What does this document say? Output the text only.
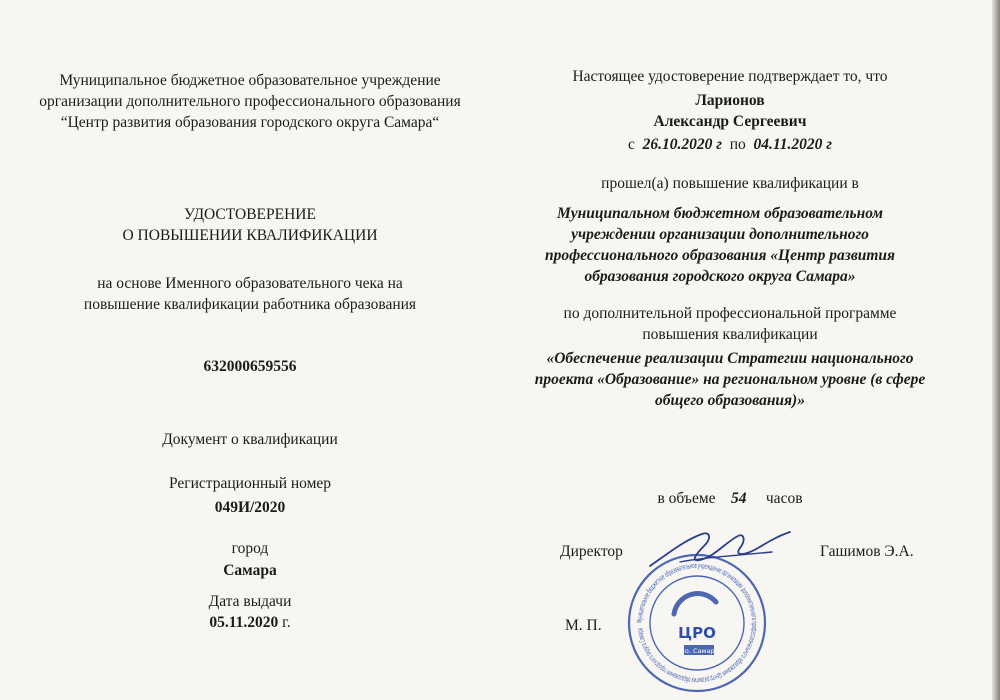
Муниципальное бюджетное образовательное учреждение организации дополнительного профессионального образования “Центр развития образования городского округа Самара“
УДОСТОВЕРЕНИЕ
О ПОВЫШЕНИИ КВАЛИФИКАЦИИ
на основе Именного образовательного чека на повышение квалификации работника образования
632000659556
Документ о квалификации
Регистрационный номер
049И/2020
город
Самара
Дата выдачи
05.11.2020 г.
Настоящее удостоверение подтверждает то, что
Ларионов
Александр Сергеевич
с 26.10.2020 г по 04.11.2020 г
прошел(а) повышение квалификации в
Муниципальном бюджетном образовательном учреждении организации дополнительного профессионального образования «Центр развития образования городского округа Самара»
по дополнительной профессиональной программе повышения квалификации
«Обеспечение реализации Стратегии национального проекта «Образование» на региональном уровне (в сфере общего образования)»
в объеме 54 часов
Директор	Гашимов Э.А.
М. П.	Муниципальное бюджетное образовательное учреждение организации дополнительного профессионального образования Центр развития образования городского округа Самара	ЦРО
г.о. Самара
